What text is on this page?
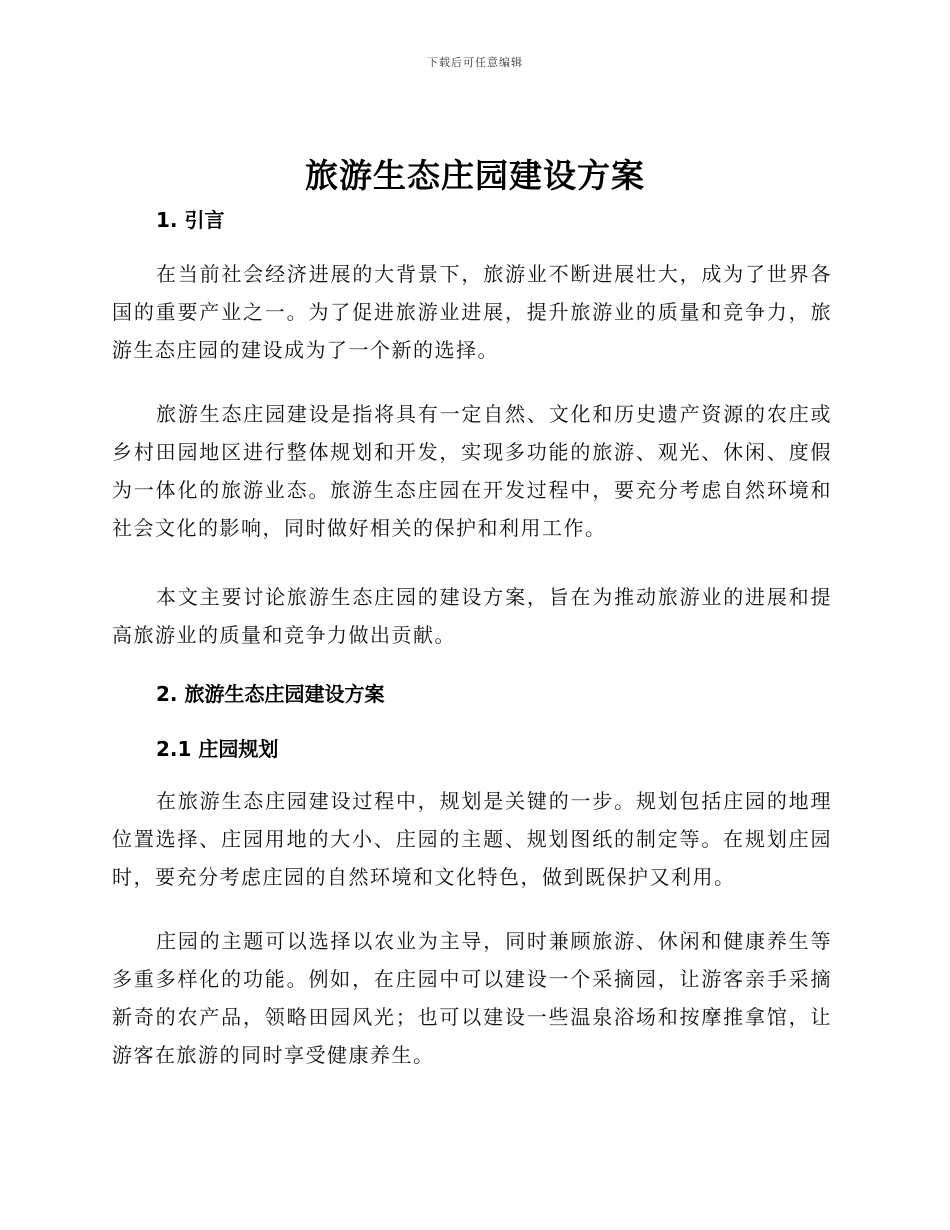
下载后可任意编辑
旅游生态庄园建设方案
1. 引言

在当前社会经济进展的大背景下，旅游业不断进展壮大，成为了世界各国的重要产业之一。为了促进旅游业进展，提升旅游业的质量和竞争力，旅游生态庄园的建设成为了一个新的选择。

旅游生态庄园建设是指将具有一定自然、文化和历史遗产资源的农庄或乡村田园地区进行整体规划和开发，实现多功能的旅游、观光、休闲、度假为一体化的旅游业态。旅游生态庄园在开发过程中，要充分考虑自然环境和社会文化的影响，同时做好相关的保护和利用工作。

本文主要讨论旅游生态庄园的建设方案，旨在为推动旅游业的进展和提高旅游业的质量和竞争力做出贡献。

2. 旅游生态庄园建设方案
2.1 庄园规划

在旅游生态庄园建设过程中，规划是关键的一步。规划包括庄园的地理位置选择、庄园用地的大小、庄园的主题、规划图纸的制定等。在规划庄园时，要充分考虑庄园的自然环境和文化特色，做到既保护又利用。

庄园的主题可以选择以农业为主导，同时兼顾旅游、休闲和健康养生等多重多样化的功能。例如，在庄园中可以建设一个采摘园，让游客亲手采摘新奇的农产品，领略田园风光；也可以建设一些温泉浴场和按摩推拿馆，让游客在旅游的同时享受健康养生。
